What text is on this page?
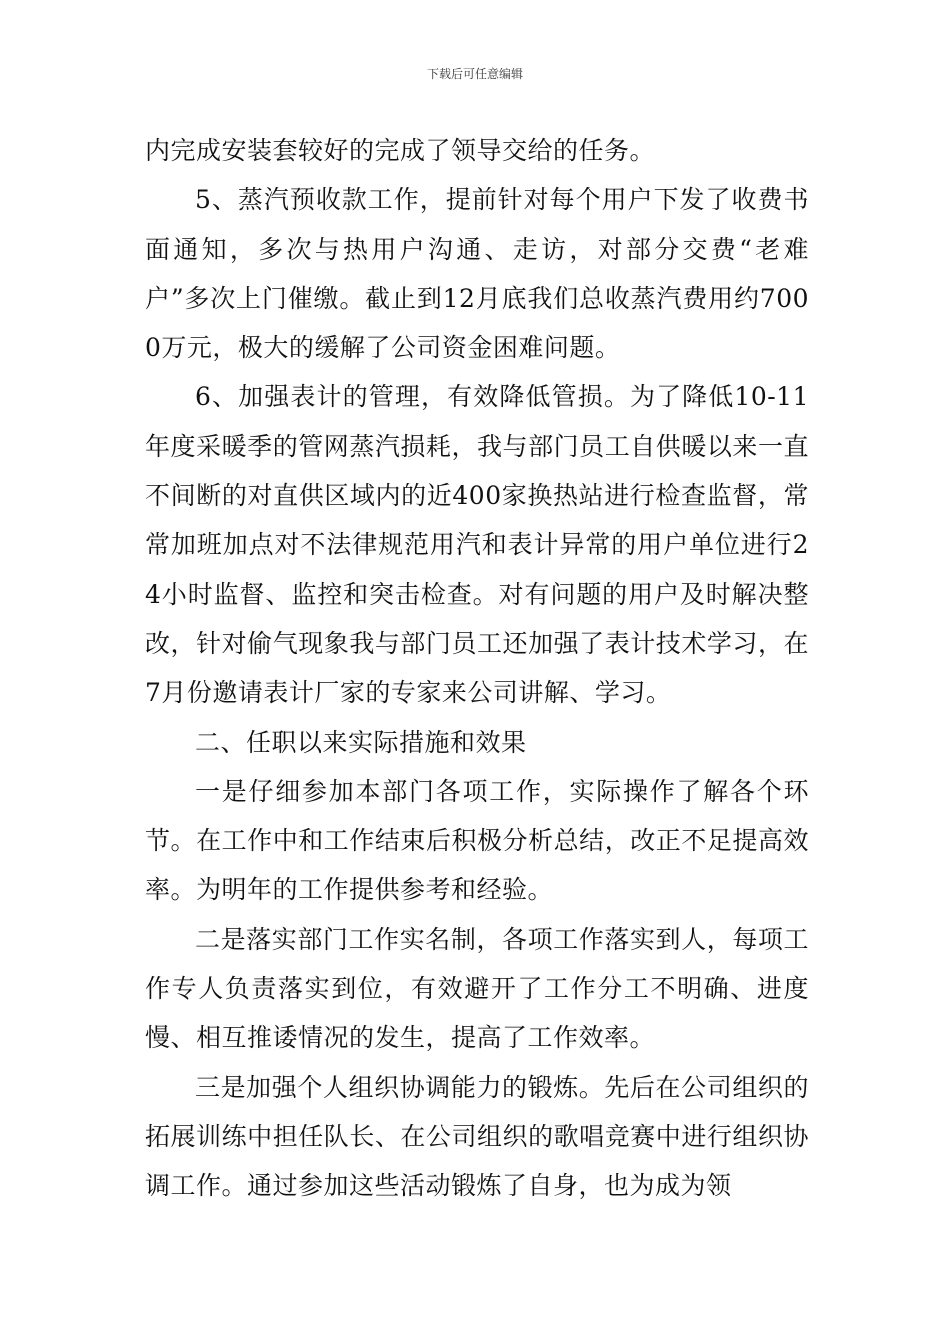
下载后可任意编辑

内完成安装套较好的完成了领导交给的任务。

5、蒸汽预收款工作，提前针对每个用户下发了收费书面通知，多次与热用户沟通、走访，对部分交费“老难户”多次上门催缴。截止到12月底我们总收蒸汽费用约7000万元，极大的缓解了公司资金困难问题。

6、加强表计的管理，有效降低管损。为了降低10-11年度采暖季的管网蒸汽损耗，我与部门员工自供暖以来一直不间断的对直供区域内的近400家换热站进行检查监督，常常加班加点对不法律规范用汽和表计异常的用户单位进行24小时监督、监控和突击检查。对有问题的用户及时解决整改，针对偷气现象我与部门员工还加强了表计技术学习，在7月份邀请表计厂家的专家来公司讲解、学习。

二、任职以来实际措施和效果

一是仔细参加本部门各项工作，实际操作了解各个环节。在工作中和工作结束后积极分析总结，改正不足提高效率。为明年的工作提供参考和经验。

二是落实部门工作实名制，各项工作落实到人，每项工作专人负责落实到位，有效避开了工作分工不明确、进度慢、相互推诿情况的发生，提高了工作效率。

三是加强个人组织协调能力的锻炼。先后在公司组织的拓展训练中担任队长、在公司组织的歌唱竞赛中进行组织协调工作。通过参加这些活动锻炼了自身，也为成为领
